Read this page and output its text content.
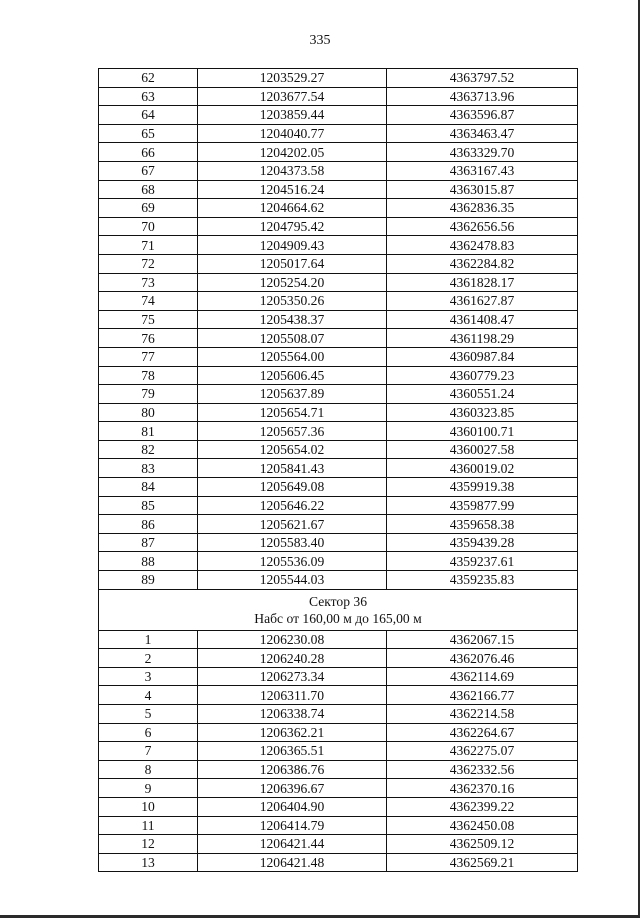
335
62	1203529.27	4363797.52
63	1203677.54	4363713.96
64	1203859.44	4363596.87
65	1204040.77	4363463.47
66	1204202.05	4363329.70
67	1204373.58	4363167.43
68	1204516.24	4363015.87
69	1204664.62	4362836.35
70	1204795.42	4362656.56
71	1204909.43	4362478.83
72	1205017.64	4362284.82
73	1205254.20	4361828.17
74	1205350.26	4361627.87
75	1205438.37	4361408.47
76	1205508.07	4361198.29
77	1205564.00	4360987.84
78	1205606.45	4360779.23
79	1205637.89	4360551.24
80	1205654.71	4360323.85
81	1205657.36	4360100.71
82	1205654.02	4360027.58
83	1205841.43	4360019.02
84	1205649.08	4359919.38
85	1205646.22	4359877.99
86	1205621.67	4359658.38
87	1205583.40	4359439.28
88	1205536.09	4359237.61
89	1205544.03	4359235.83

Сектор 36
Набс от 160,00 м до 165,00 м		

1	1206230.08	4362067.15
2	1206240.28	4362076.46
3	1206273.34	4362114.69
4	1206311.70	4362166.77
5	1206338.74	4362214.58
6	1206362.21	4362264.67
7	1206365.51	4362275.07
8	1206386.76	4362332.56
9	1206396.67	4362370.16
10	1206404.90	4362399.22
11	1206414.79	4362450.08
12	1206421.44	4362509.12
13	1206421.48	4362569.21
